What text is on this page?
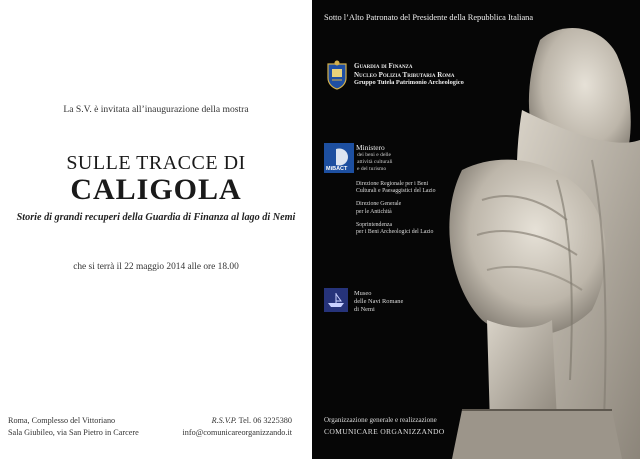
La S.V. è invitata all’inaugurazione della mostra
SULLE TRACCE DI
CALIGOLA
Storie di grandi recuperi della Guardia di Finanza al lago di Nemi
che si terrà il 22 maggio 2014 alle ore 18.00
Roma, Complesso del Vittoriano
Sala Giubileo, via San Pietro in Carcere
R.S.V.P. Tel. 06 3225380
info@comunicareorganizzando.it
Sotto l’Alto Patronato del Presidente della Repubblica Italiana
Guardia di Finanza
Nucleo Polizia Tributaria Roma
Gruppo Tutela Patrimonio Archeologico
MiBACT
Ministero
dei beni e delle
attività culturali
e del turismo
Direzione Regionale per i Beni
Culturali e Paesaggistici del Lazio
Direzione Generale
per le Antichità
Soprintendenza
per i Beni Archeologici del Lazio
Museo
delle Navi Romane
di Nemi
Organizzazione generale e realizzazione
COMUNICARE ORGANIZZANDO
